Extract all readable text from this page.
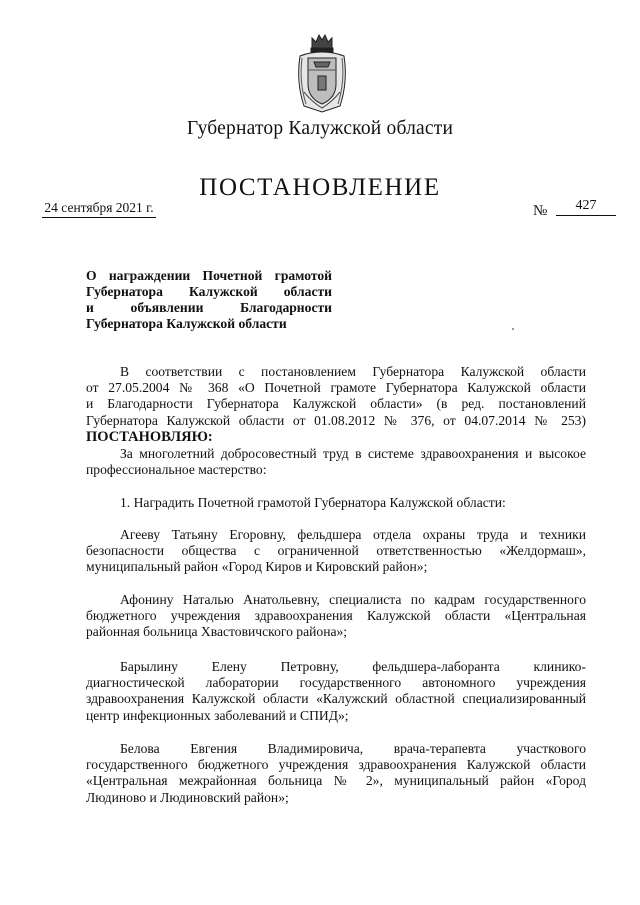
Губернатор Калужской области
ПОСТАНОВЛЕНИЕ
24 сентября 2021 г.	№	427
О награждении Почетной грамотой
Губернатора Калужской области
и объявлении Благодарности
Губернатора Калужской области
В соответствии с постановлением Губернатора Калужской области
от 27.05.2004 № 368 «О Почетной грамоте Губернатора Калужской области
и Благодарности Губернатора Калужской области» (в ред. постановлений
Губернатора Калужской области от 01.08.2012 № 376, от 04.07.2014 № 253)
ПОСТАНОВЛЯЮ:
За многолетний добросовестный труд в системе здравоохранения и высокое
профессиональное мастерство:
1. Наградить Почетной грамотой Губернатора Калужской области:
Агееву Татьяну Егоровну, фельдшера отдела охраны труда и техники
безопасности общества с ограниченной ответственностью «Желдормаш»,
муниципальный район «Город Киров и Кировский район»;
Афонину Наталью Анатольевну, специалиста по кадрам государственного
бюджетного учреждения здравоохранения Калужской области «Центральная
районная больница Хвастовичского района»;
Барылину Елену Петровну, фельдшера-лаборанта клинико-
диагностической лаборатории государственного автономного учреждения
здравоохранения Калужской области «Калужский областной специализированный
центр инфекционных заболеваний и СПИД»;
Белова Евгения Владимировича, врача-терапевта участкового
государственного бюджетного учреждения здравоохранения Калужской области
«Центральная межрайонная больница № 2», муниципальный район «Город
Людиново и Людиновский район»;
